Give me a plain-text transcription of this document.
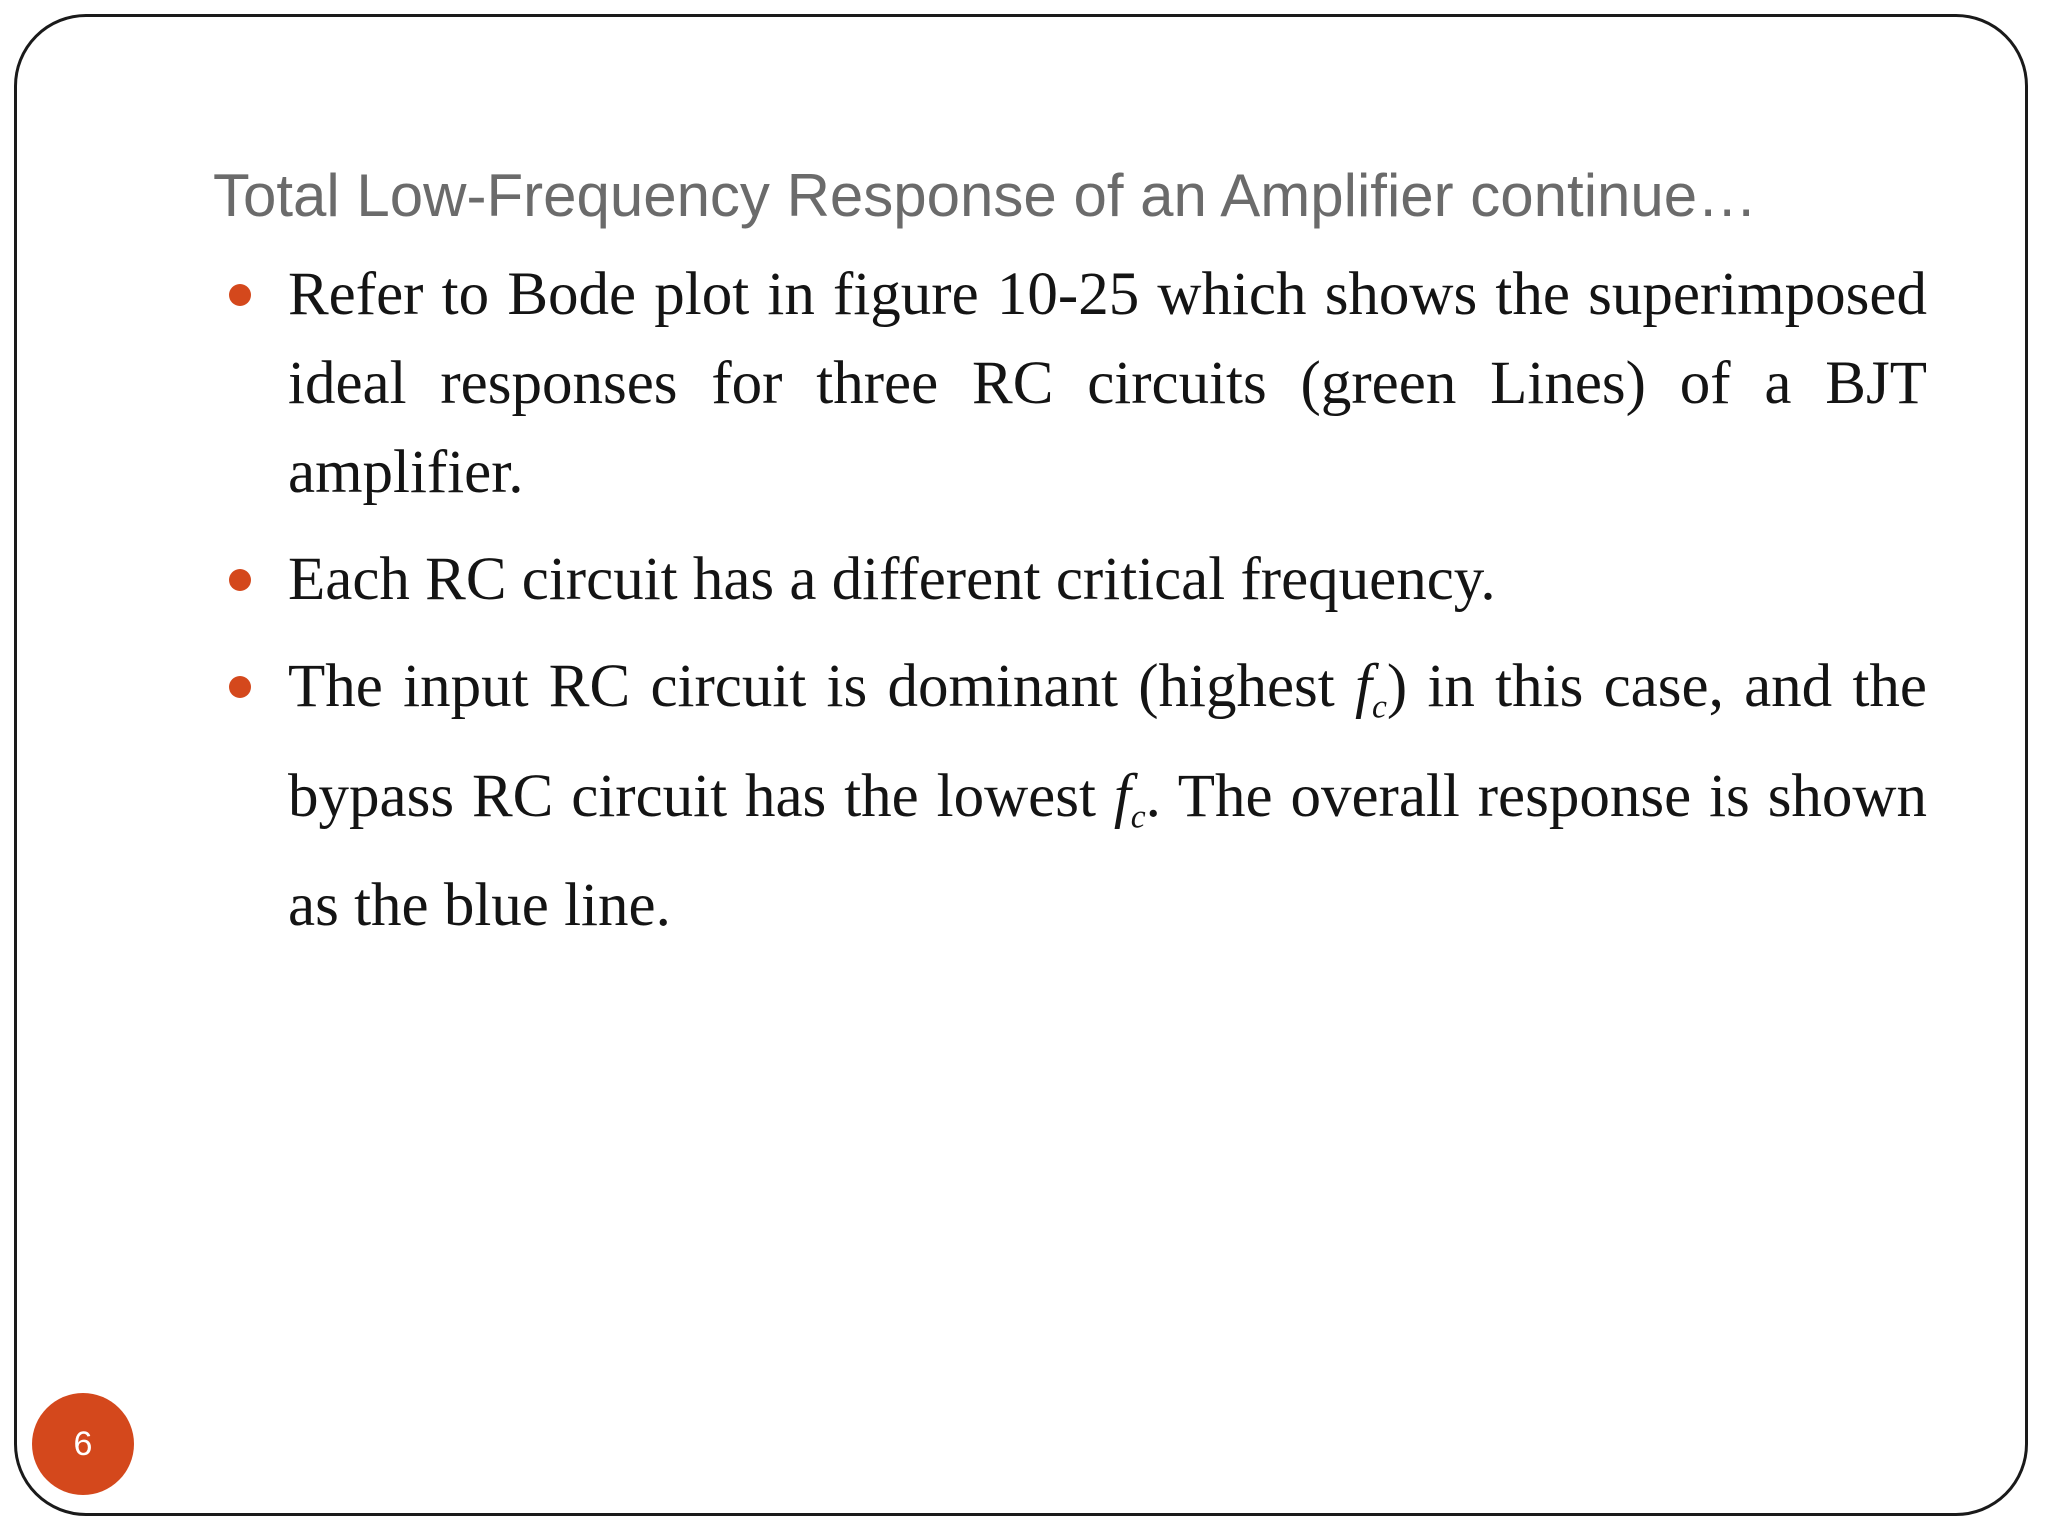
Total Low-Frequency Response of an Amplifier continue…
Refer to Bode plot in figure 10-25 which shows the superimposed ideal responses for three RC circuits (green Lines) of a BJT amplifier.
Each RC circuit has a different critical frequency.
The input RC circuit is dominant (highest $f_c$) in this case, and the bypass RC circuit has the lowest $f_c$. The overall response is shown as the blue line.
6
